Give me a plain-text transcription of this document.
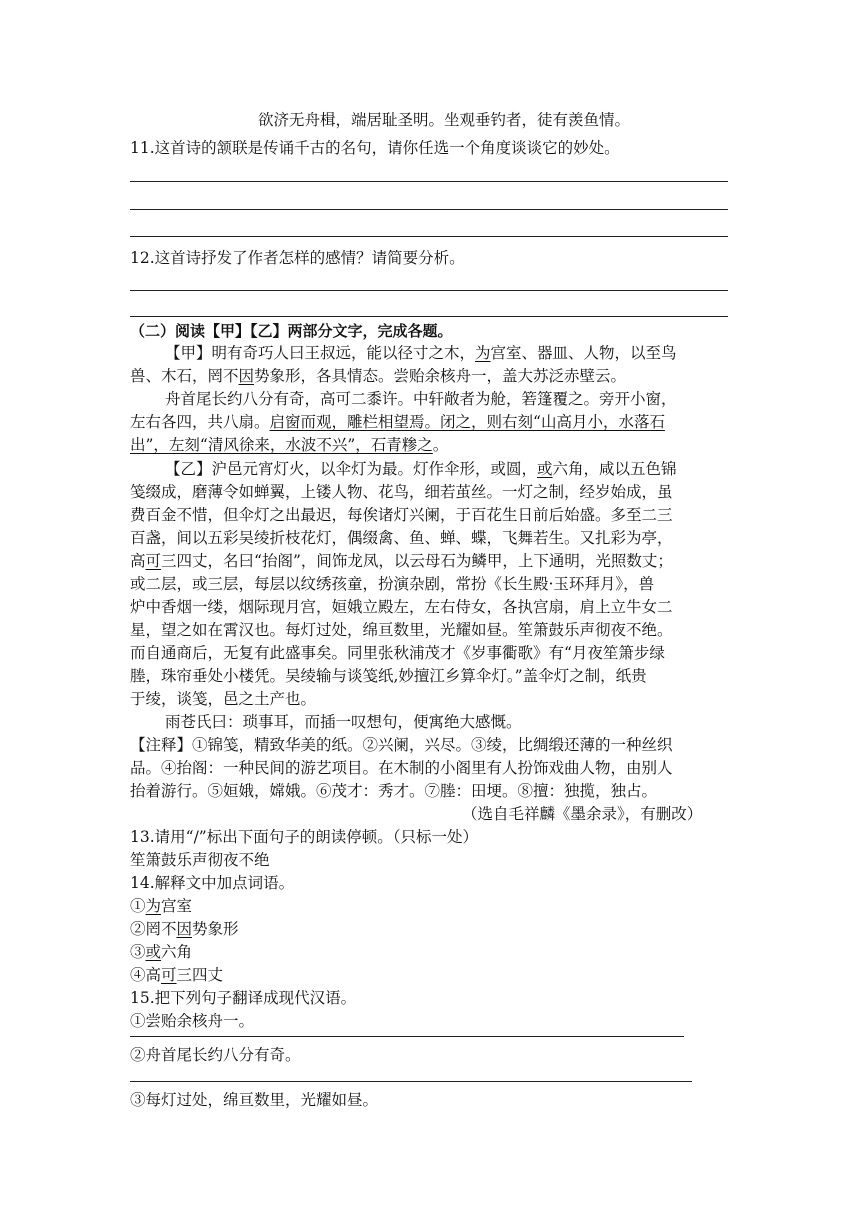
欲济无舟楫，端居耻圣明。坐观垂钓者，徒有羡鱼情。
11.这首诗的颔联是传诵千古的名句，请你任选一个角度谈谈它的妙处。
12.这首诗抒发了作者怎样的感情？请简要分析。
（二）阅读【甲】【乙】两部分文字，完成各题。
【甲】明有奇巧人曰王叔远，能以径寸之木，为宫室、器皿、人物，以至鸟
兽、木石，罔不因势象形，各具情态。尝贻余核舟一，盖大苏泛赤壁云。
舟首尾长约八分有奇，高可二黍许。中轩敞者为舱，箬篷覆之。旁开小窗，
左右各四，共八扇。启窗而观，雕栏相望焉。闭之，则右刻“山高月小，水落石
出”，左刻“清风徐来，水波不兴”，石青糁之。
【乙】沪邑元宵灯火，以伞灯为最。灯作伞形，或圆，或六角，咸以五色锦
笺缀成，磨薄令如蝉翼，上镂人物、花鸟，细若茧丝。一灯之制，经岁始成，虽
费百金不惜，但伞灯之出最迟，每俟诸灯兴阑，于百花生日前后始盛。多至二三
百盏，间以五彩吴绫折枝花灯，偶缀禽、鱼、蝉、蝶，飞舞若生。又扎彩为亭，
高可三四丈，名曰“抬阁”，间饰龙凤，以云母石为鳞甲，上下通明，光照数丈；
或二层，或三层，每层以纹绣孩童，扮演杂剧，常扮《长生殿·玉环拜月》，兽
炉中香烟一缕，烟际现月宫，姮娥立殿左，左右侍女，各执宫扇，肩上立牛女二
星，望之如在霄汉也。每灯过处，绵亘数里，光耀如昼。笙箫鼓乐声彻夜不绝。
而自通商后，无复有此盛事矣。同里张秋浦茂才《岁事衢歌》有“月夜笙箫步绿
塍，珠帘垂处小楼凭。吴绫输与谈笺纸,妙擅江乡算伞灯。”盖伞灯之制，纸贵
于绫，谈笺，邑之土产也。
雨苍氏曰：琐事耳，而插一叹想句，便寓绝大感慨。
【注释】①锦笺，精致华美的纸。②兴阑，兴尽。③绫，比绸缎还薄的一种丝织
品。④抬阁：一种民间的游艺项目。在木制的小阁里有人扮饰戏曲人物，由别人
抬着游行。⑤姮娥，嫦娥。⑥茂才：秀才。⑦塍：田埂。⑧擅：独揽，独占。
（选自毛祥麟《墨余录》，有删改）
13.请用“/”标出下面句子的朗读停顿。（只标一处）
笙箫鼓乐声彻夜不绝
14.解释文中加点词语。
①为宫室
②罔不因势象形
③或六角
④高可三四丈
15.把下列句子翻译成现代汉语。
①尝贻余核舟一。
②舟首尾长约八分有奇。
③每灯过处，绵亘数里，光耀如昼。
